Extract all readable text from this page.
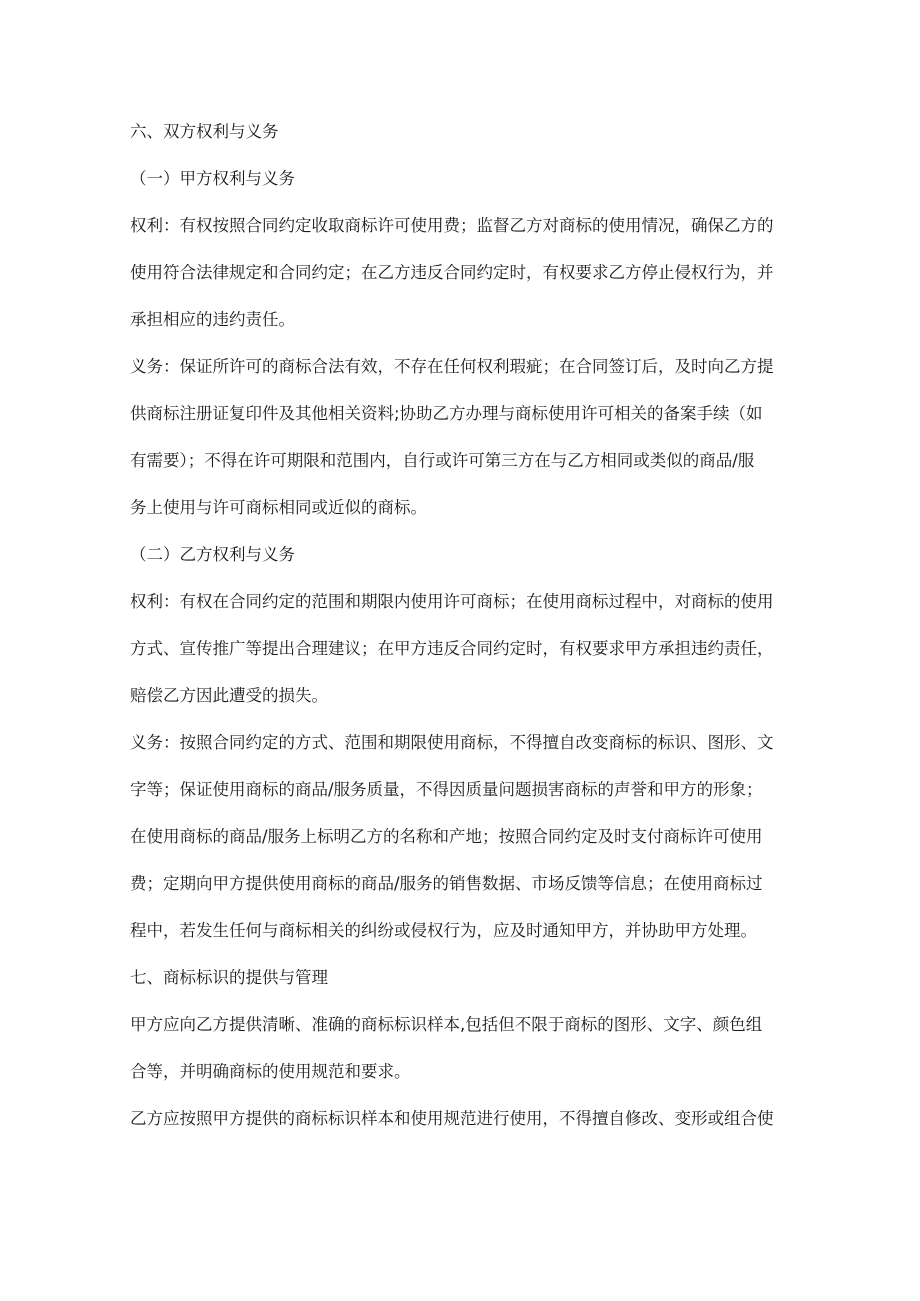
六、双方权利与义务
（一）甲方权利与义务
权利：有权按照合同约定收取商标许可使用费；监督乙方对商标的使用情况，确保乙方的
使用符合法律规定和合同约定；在乙方违反合同约定时，有权要求乙方停止侵权行为，并
承担相应的违约责任。
义务：保证所许可的商标合法有效，不存在任何权利瑕疵；在合同签订后，及时向乙方提
供商标注册证复印件及其他相关资料;协助乙方办理与商标使用许可相关的备案手续（如
有需要）；不得在许可期限和范围内，自行或许可第三方在与乙方相同或类似的商品/服
务上使用与许可商标相同或近似的商标。
（二）乙方权利与义务
权利：有权在合同约定的范围和期限内使用许可商标；在使用商标过程中，对商标的使用
方式、宣传推广等提出合理建议；在甲方违反合同约定时，有权要求甲方承担违约责任，
赔偿乙方因此遭受的损失。
义务：按照合同约定的方式、范围和期限使用商标，不得擅自改变商标的标识、图形、文
字等；保证使用商标的商品/服务质量，不得因质量问题损害商标的声誉和甲方的形象；
在使用商标的商品/服务上标明乙方的名称和产地；按照合同约定及时支付商标许可使用
费；定期向甲方提供使用商标的商品/服务的销售数据、市场反馈等信息；在使用商标过
程中，若发生任何与商标相关的纠纷或侵权行为，应及时通知甲方，并协助甲方处理。
七、商标标识的提供与管理
甲方应向乙方提供清晰、准确的商标标识样本,包括但不限于商标的图形、文字、颜色组
合等，并明确商标的使用规范和要求。
乙方应按照甲方提供的商标标识样本和使用规范进行使用，不得擅自修改、变形或组合使
